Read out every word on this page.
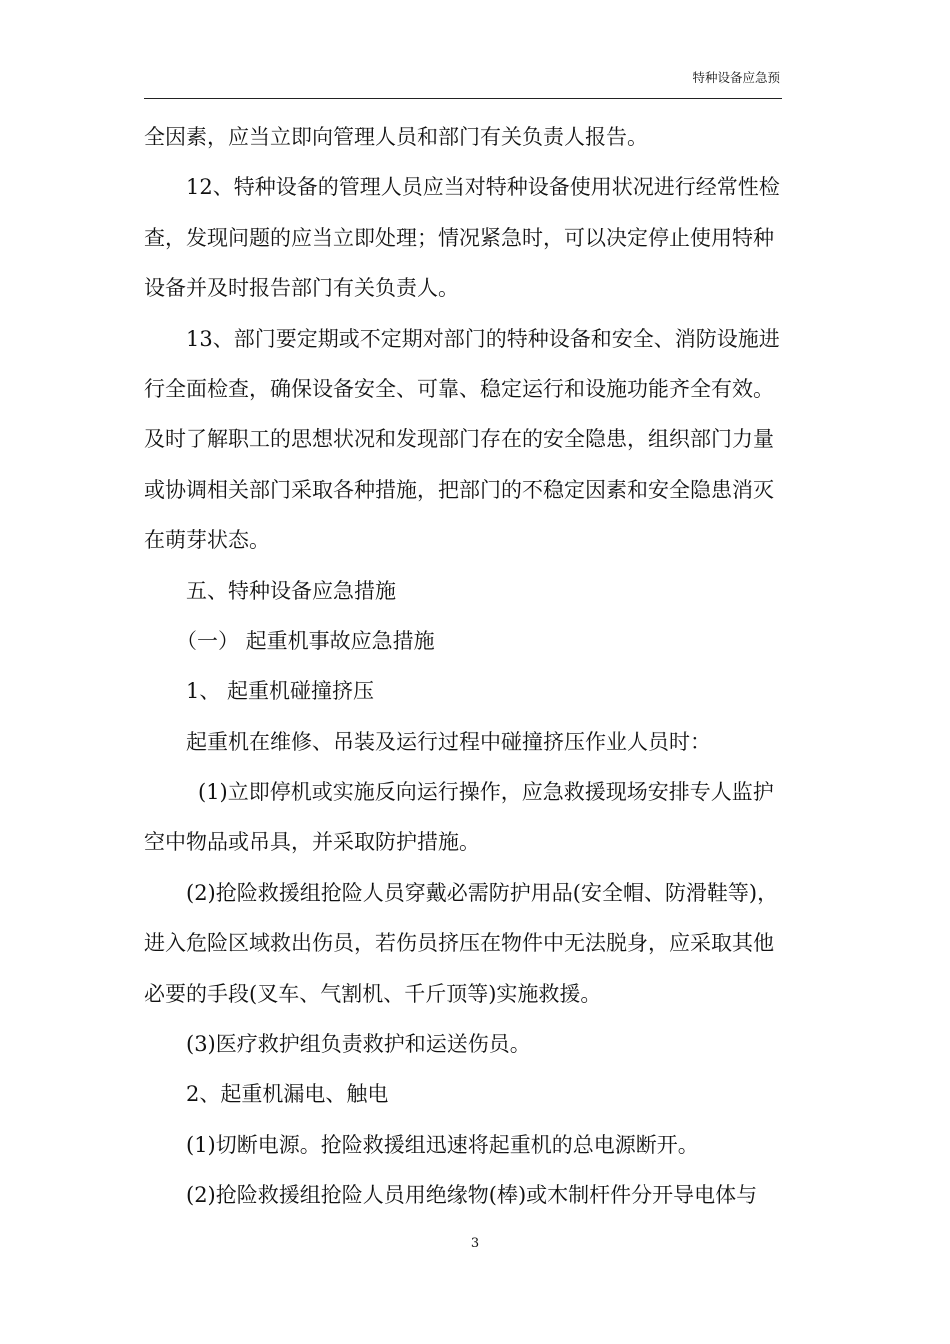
特种设备应急预
全因素，应当立即向管理人员和部门有关负责人报告。
12、特种设备的管理人员应当对特种设备使用状况进行经常性检
查，发现问题的应当立即处理；情况紧急时，可以决定停止使用特种
设备并及时报告部门有关负责人。
13、部门要定期或不定期对部门的特种设备和安全、消防设施进
行全面检查，确保设备安全、可靠、稳定运行和设施功能齐全有效。
及时了解职工的思想状况和发现部门存在的安全隐患，组织部门力量
或协调相关部门采取各种措施，把部门的不稳定因素和安全隐患消灭
在萌芽状态。
五、特种设备应急措施
（一） 起重机事故应急措施
1、 起重机碰撞挤压
起重机在维修、吊装及运行过程中碰撞挤压作业人员时：
(1)立即停机或实施反向运行操作，应急救援现场安排专人监护
空中物品或吊具，并采取防护措施。
(2)抢险救援组抢险人员穿戴必需防护用品(安全帽、防滑鞋等)，
进入危险区域救出伤员，若伤员挤压在物件中无法脱身，应采取其他
必要的手段(叉车、气割机、千斤顶等)实施救援。
(3)医疗救护组负责救护和运送伤员。
2、起重机漏电、触电
(1)切断电源。抢险救援组迅速将起重机的总电源断开。
(2)抢险救援组抢险人员用绝缘物(棒)或木制杆件分开导电体与
3
